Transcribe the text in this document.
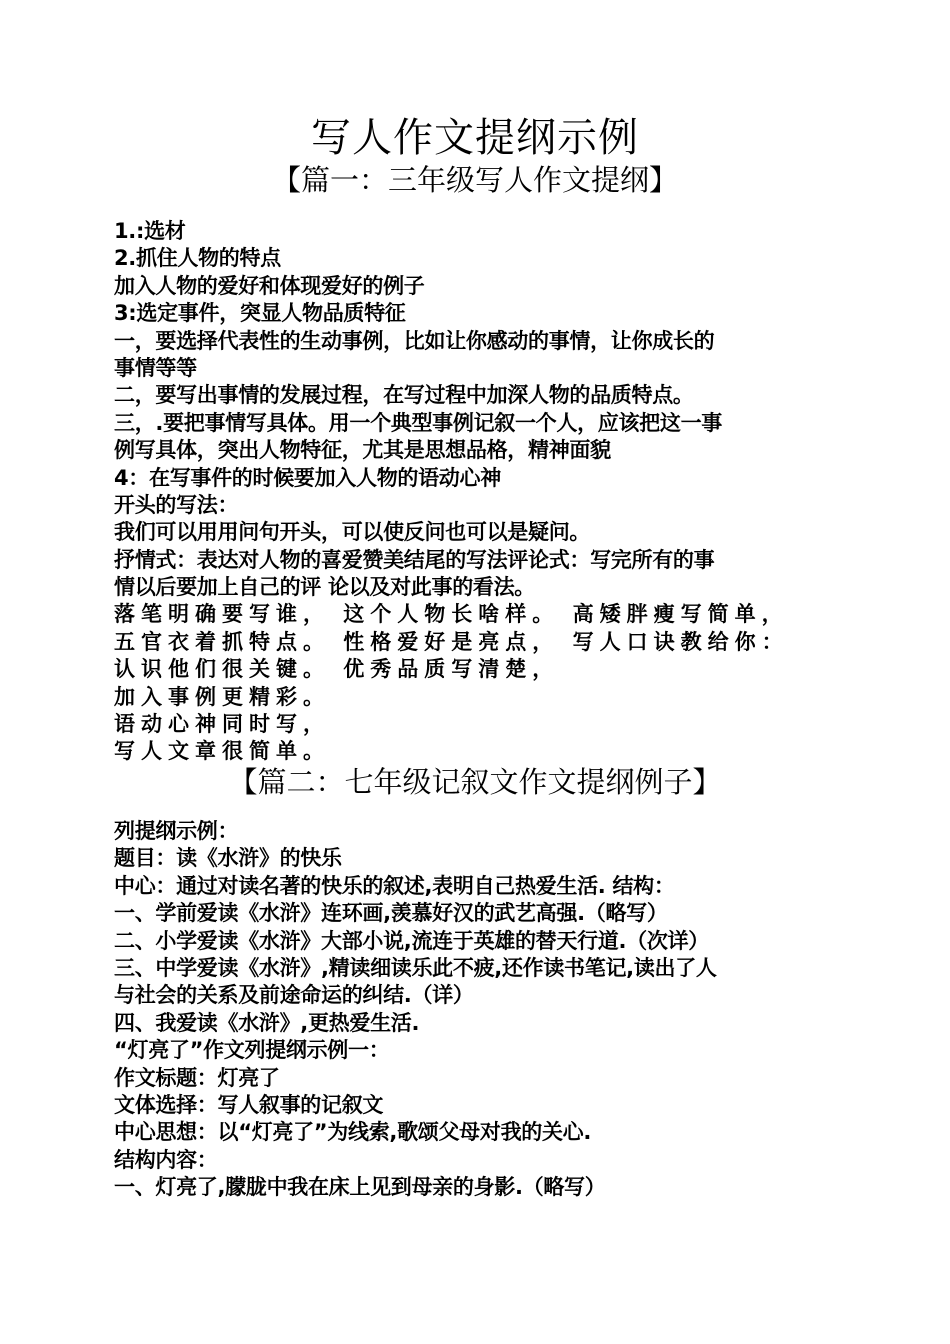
写人作文提纲示例
【篇一：三年级写人作文提纲】
1.:选材
2.抓住人物的特点
加入人物的爱好和体现爱好的例子
3:选定事件，突显人物品质特征
一，要选择代表性的生动事例，比如让你感动的事情，让你成长的
事情等等
二，要写出事情的发展过程，在写过程中加深人物的品质特点。
三，.要把事情写具体。用一个典型事例记叙一个人，应该把这一事
例写具体，突出人物特征，尤其是思想品格，精神面貌
4：在写事件的时候要加入人物的语动心神
开头的写法：
我们可以用用问句开头，可以使反问也可以是疑问。
抒情式：表达对人物的喜爱赞美结尾的写法评论式：写完所有的事
情以后要加上自己的评 论以及对此事的看法。
落笔明确要写谁， 这个人物长啥样。 高矮胖瘦写简单，
五官衣着抓特点。 性格爱好是亮点， 写人口诀教给你：
认识他们很关键。 优秀品质写清楚，
加入事例更精彩。
语动心神同时写，
写人文章很简单。
【篇二：七年级记叙文作文提纲例子】
列提纲示例：
题目：读《水浒》的快乐
中心：通过对读名著的快乐的叙述,表明自己热爱生活. 结构：
一、学前爱读《水浒》连环画,羡慕好汉的武艺高强.（略写）
二、小学爱读《水浒》大部小说,流连于英雄的替天行道.（次详）
三、中学爱读《水浒》,精读细读乐此不疲,还作读书笔记,读出了人
与社会的关系及前途命运的纠结.（详）
四、我爱读《水浒》,更热爱生活.
“灯亮了”作文列提纲示例一：
作文标题：灯亮了
文体选择：写人叙事的记叙文
中心思想：以“灯亮了”为线索,歌颂父母对我的关心.
结构内容：
一、灯亮了,朦胧中我在床上见到母亲的身影.（略写）
